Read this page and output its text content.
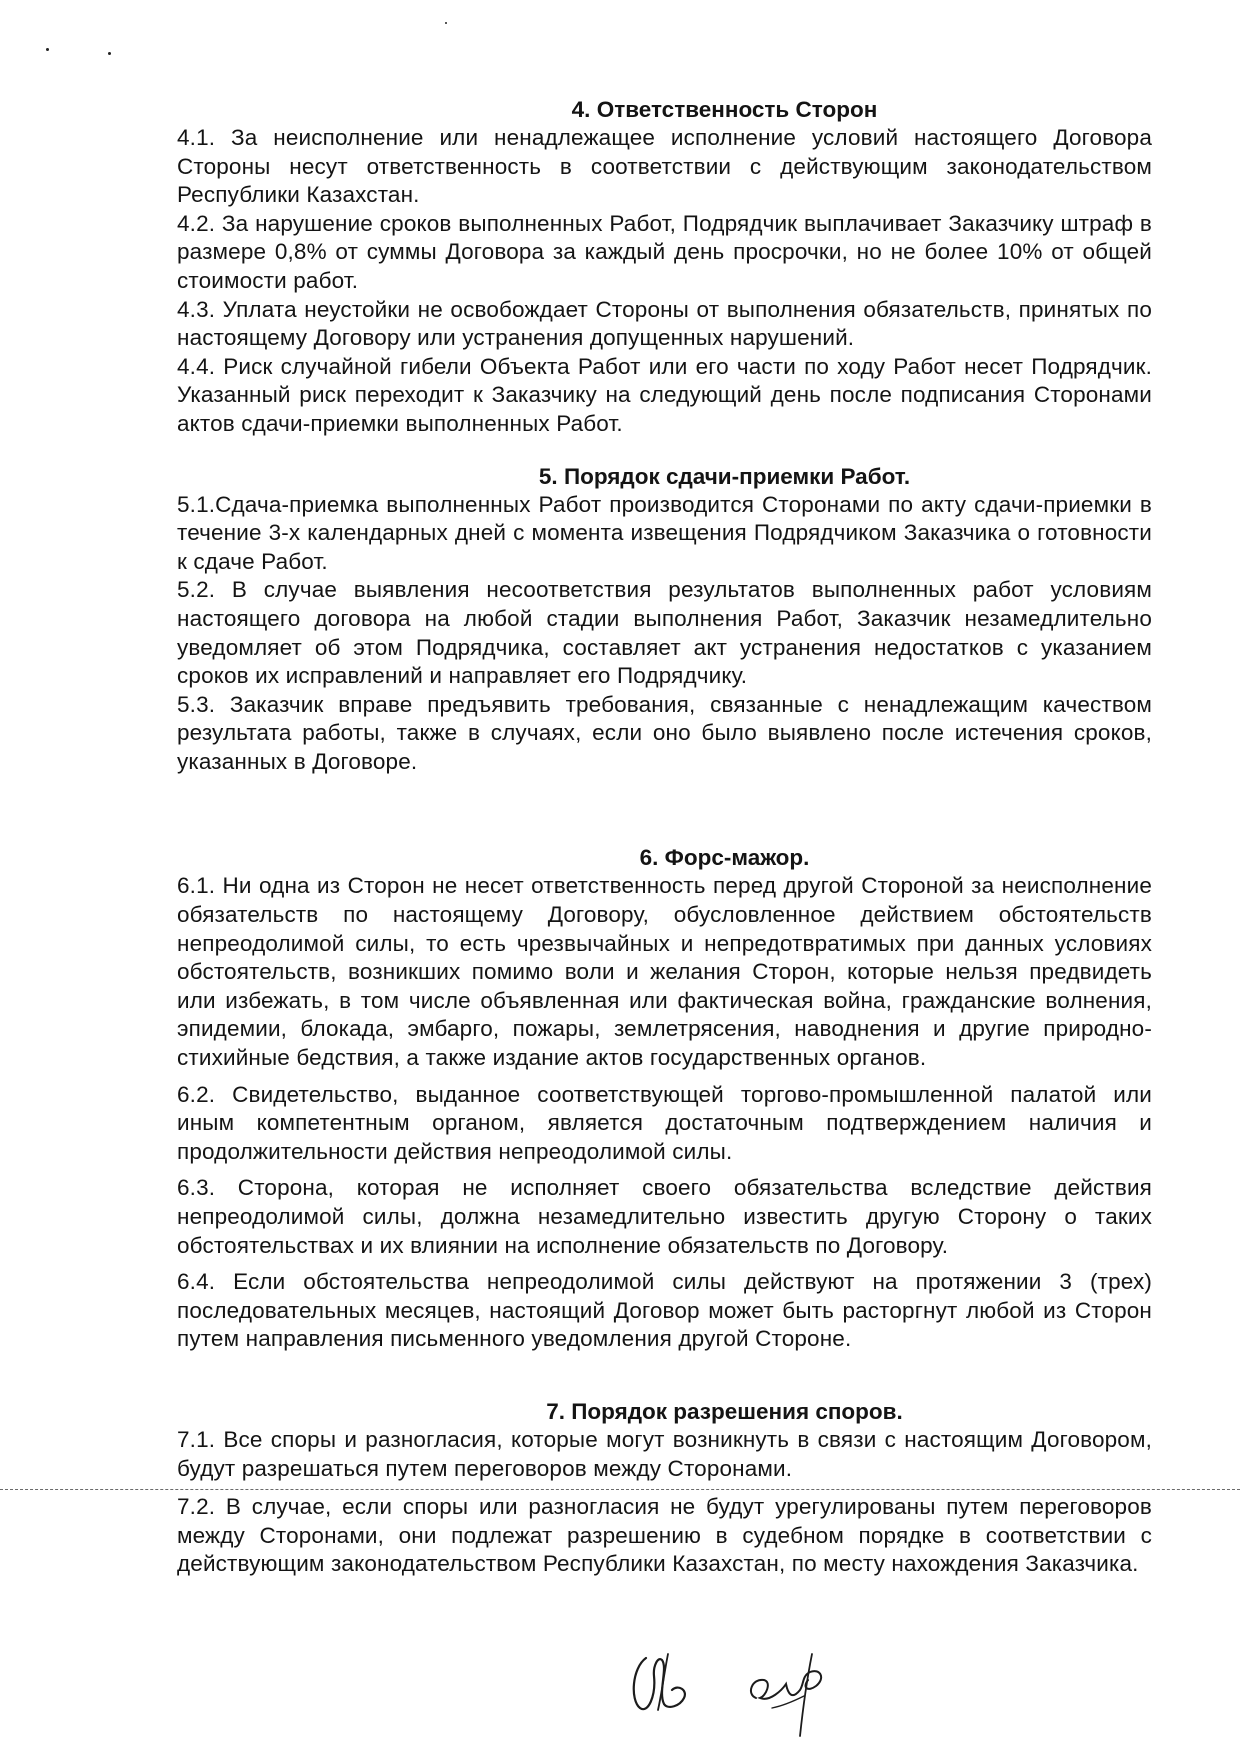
4. Ответственность Сторон

4.1. За неисполнение или ненадлежащее исполнение условий настоящего Договора Стороны несут ответственность в соответствии с действующим законодательством Республики Казахстан.

4.2. За нарушение сроков выполненных Работ, Подрядчик выплачивает Заказчику штраф в размере 0,8% от суммы Договора за каждый день просрочки, но не более 10% от общей стоимости работ.

4.3. Уплата неустойки не освобождает Стороны от выполнения обязательств, принятых по настоящему Договору или устранения допущенных нарушений.

4.4. Риск случайной гибели Объекта Работ или его части по ходу Работ несет Подрядчик. Указанный риск переходит к Заказчику на следующий день после подписания Сторонами актов сдачи-приемки выполненных Работ.

5. Порядок сдачи-приемки Работ.

5.1.Сдача-приемка выполненных Работ производится Сторонами по акту сдачи-приемки в течение 3-х календарных дней с момента извещения Подрядчиком Заказчика о готовности к сдаче Работ.

5.2. В случае выявления несоответствия результатов выполненных работ условиям настоящего договора на любой стадии выполнения Работ, Заказчик незамедлительно уведомляет об этом Подрядчика, составляет акт устранения недостатков с указанием сроков их исправлений и направляет его Подрядчику.

5.3. Заказчик вправе предъявить требования, связанные с ненадлежащим качеством результата работы, также в случаях, если оно было выявлено после истечения сроков, указанных в Договоре.

6. Форс-мажор.

6.1. Ни одна из Сторон не несет ответственность перед другой Стороной за неисполнение обязательств по настоящему Договору, обусловленное действием обстоятельств непреодолимой силы, то есть чрезвычайных и непредотвратимых при данных условиях обстоятельств, возникших помимо воли и желания Сторон, которые нельзя предвидеть или избежать, в том числе объявленная или фактическая война, гражданские волнения, эпидемии, блокада, эмбарго, пожары, землетрясения, наводнения и другие природно-стихийные бедствия, а также издание актов государственных органов.

6.2. Свидетельство, выданное соответствующей торгово-промышленной палатой или иным компетентным органом, является достаточным подтверждением наличия и продолжительности действия непреодолимой силы.

6.3. Сторона, которая не исполняет своего обязательства вследствие действия непреодолимой силы, должна незамедлительно известить другую Сторону о таких обстоятельствах и их влиянии на исполнение обязательств по Договору.

6.4. Если обстоятельства непреодолимой силы действуют на протяжении 3 (трех) последовательных месяцев, настоящий Договор может быть расторгнут любой из Сторон путем направления письменного уведомления другой Стороне.

7. Порядок разрешения споров.

7.1. Все споры и разногласия, которые могут возникнуть в связи с настоящим Договором, будут разрешаться путем переговоров между Сторонами.

7.2. В случае, если споры или разногласия не будут урегулированы путем переговоров между Сторонами, они подлежат разрешению в судебном порядке в соответствии с действующим законодательством Республики Казахстан, по месту нахождения Заказчика.
